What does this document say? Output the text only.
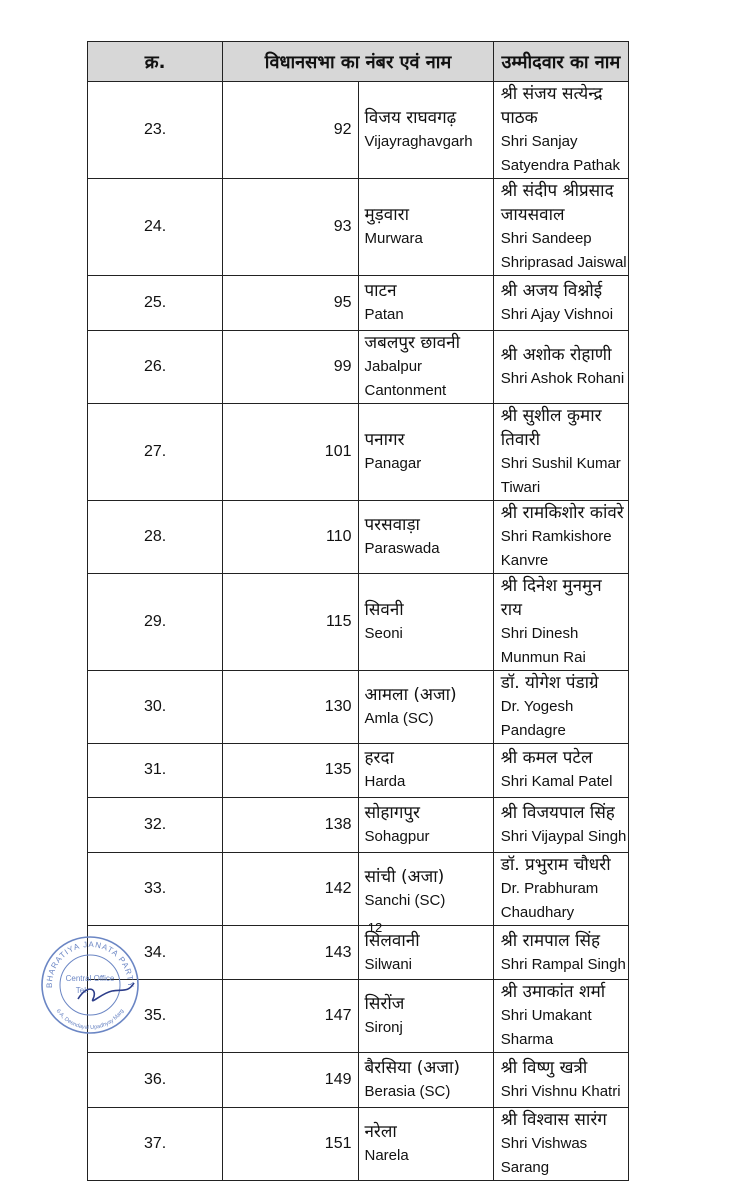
क्र.	विधानसभा का नंबर एवं नाम		उम्मीदवार का नाम
23.	92	विजय राघवगढ़
Vijayraghavgarh	श्री संजय सत्येन्द्र पाठक
Shri Sanjay Satyendra Pathak

24.	93	मुड़वारा
Murwara	श्री संदीप श्रीप्रसाद जायसवाल
Shri Sandeep Shriprasad Jaiswal

25.	95	पाटन
Patan	श्री अजय विश्नोई
Shri Ajay Vishnoi

26.	99	जबलपुर छावनी
Jabalpur Cantonment	श्री अशोक रोहाणी
Shri Ashok Rohani

27.	101	पनागर
Panagar	श्री सुशील कुमार तिवारी
Shri Sushil Kumar Tiwari

28.	110	परसवाड़ा
Paraswada	श्री रामकिशोर कांवरे
Shri Ramkishore Kanvre

29.	115	सिवनी
Seoni	श्री दिनेश मुनमुन राय
Shri Dinesh Munmun Rai

30.	130	आमला (अजा)
Amla (SC)	डॉ. योगेश पंडाग्रे
Dr. Yogesh Pandagre

31.	135	हरदा
Harda	श्री कमल पटेल
Shri Kamal Patel

32.	138	सोहागपुर
Sohagpur	श्री विजयपाल सिंह
Shri Vijaypal Singh

33.	142	सांची (अजा)
Sanchi (SC)	डॉ. प्रभुराम चौधरी
Dr. Prabhuram Chaudhary

34.	143	सिलवानी
Silwani	श्री रामपाल सिंह
Shri Rampal Singh

35.	147	सिरोंज
Sironj	श्री उमाकांत शर्मा
Shri Umakant Sharma

36.	149	बैरसिया (अजा)
Berasia (SC)	श्री विष्णु खत्री
Shri Vishnu Khatri

37.	151	नरेला
Narela	श्री विश्वास सारंग
Shri Vishwas Sarang
12
BHARATIYA JANATA PARTY
6-A, Deendayal Upadhyay Marg
Central Office
Tel.
